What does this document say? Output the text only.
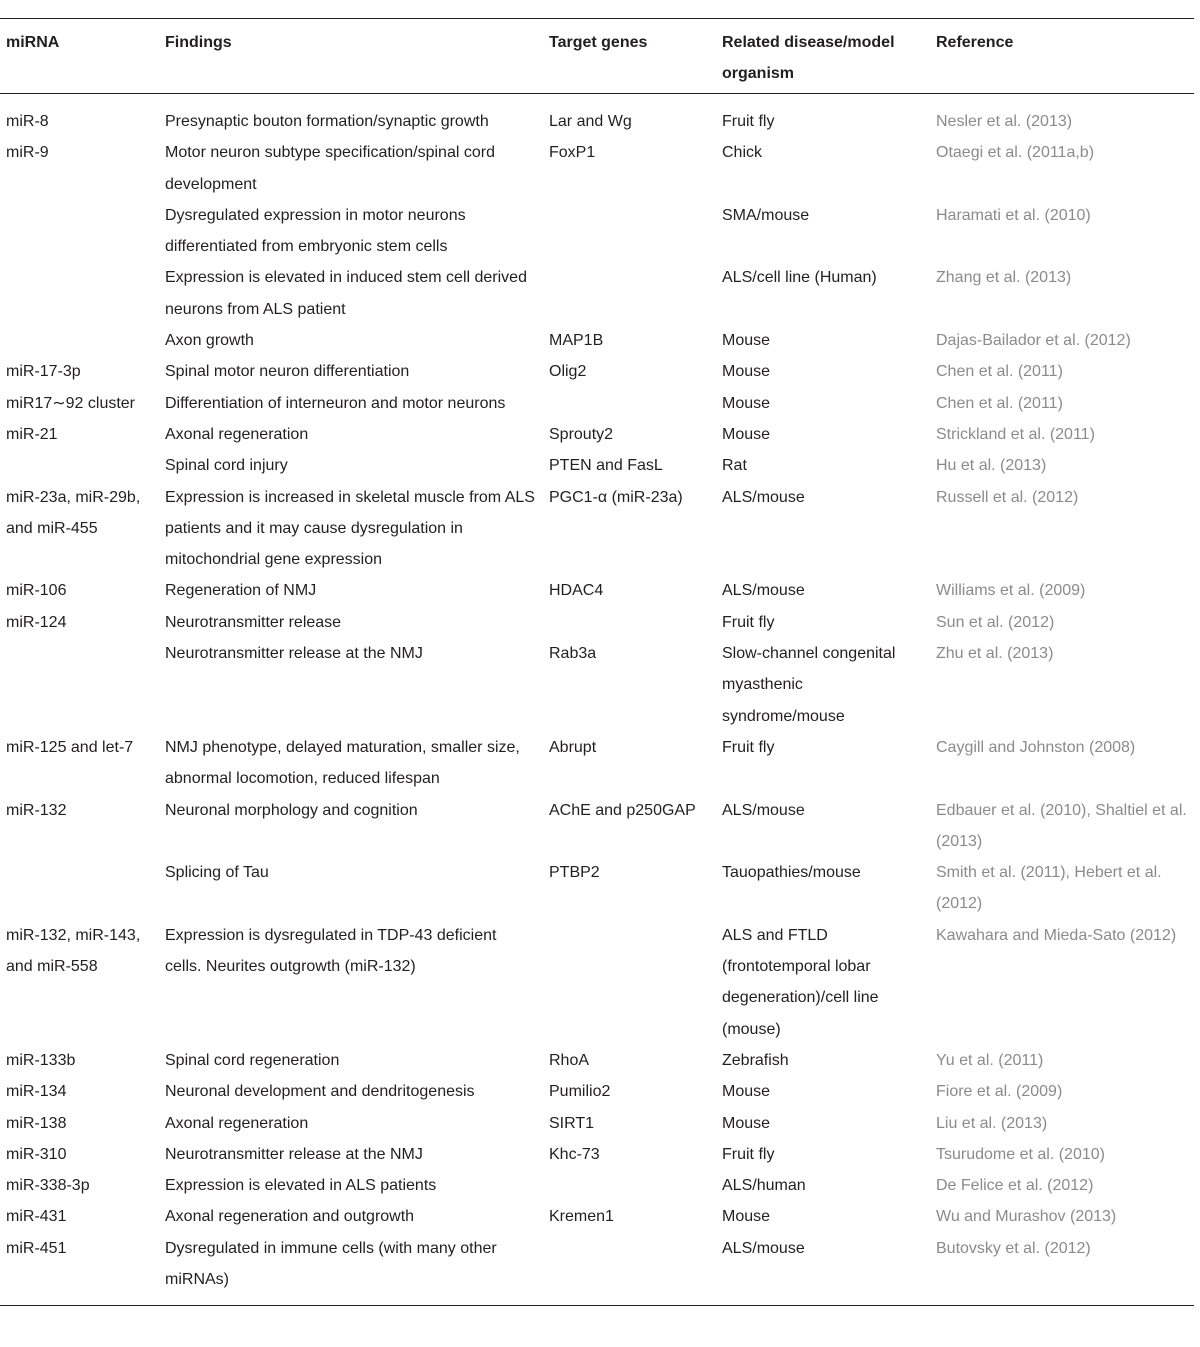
miRNA	Findings	Target genes	Related disease/model organism	Reference

miR-8	Presynaptic bouton formation/synaptic growth	Lar and Wg	Fruit fly	Nesler et al. (2013)
miR-9	Motor neuron subtype specification/spinal cord development	FoxP1	Chick	Otaegi et al. (2011a,b)
	Dysregulated expression in motor neurons differentiated from embryonic stem cells		SMA/mouse	Haramati et al. (2010)
	Expression is elevated in induced stem cell derived neurons from ALS patient		ALS/cell line (Human)	Zhang et al. (2013)
	Axon growth	MAP1B	Mouse	Dajas-Bailador et al. (2012)
miR-17-3p	Spinal motor neuron differentiation	Olig2	Mouse	Chen et al. (2011)
miR17∼92 cluster	Differentiation of interneuron and motor neurons		Mouse	Chen et al. (2011)
miR-21	Axonal regeneration	Sprouty2	Mouse	Strickland et al. (2011)
	Spinal cord injury	PTEN and FasL	Rat	Hu et al. (2013)
miR-23a, miR-29b, and miR-455	Expression is increased in skeletal muscle from ALS patients and it may cause dysregulation in mitochondrial gene expression	PGC1-α (miR-23a)	ALS/mouse	Russell et al. (2012)
miR-106	Regeneration of NMJ	HDAC4	ALS/mouse	Williams et al. (2009)
miR-124	Neurotransmitter release		Fruit fly	Sun et al. (2012)
	Neurotransmitter release at the NMJ	Rab3a	Slow-channel congenital myasthenic syndrome/mouse	Zhu et al. (2013)
miR-125 and let-7	NMJ phenotype, delayed maturation, smaller size, abnormal locomotion, reduced lifespan	Abrupt	Fruit fly	Caygill and Johnston (2008)
miR-132	Neuronal morphology and cognition	AChE and p250GAP	ALS/mouse	Edbauer et al. (2010), Shaltiel et al. (2013)
	Splicing of Tau	PTBP2	Tauopathies/mouse	Smith et al. (2011), Hebert et al. (2012)
miR-132, miR-143, and miR-558	Expression is dysregulated in TDP-43 deficient cells. Neurites outgrowth (miR-132)		ALS and FTLD (frontotemporal lobar degeneration)/cell line (mouse)	Kawahara and Mieda-Sato (2012)
miR-133b	Spinal cord regeneration	RhoA	Zebrafish	Yu et al. (2011)
miR-134	Neuronal development and dendritogenesis	Pumilio2	Mouse	Fiore et al. (2009)
miR-138	Axonal regeneration	SIRT1	Mouse	Liu et al. (2013)
miR-310	Neurotransmitter release at the NMJ	Khc-73	Fruit fly	Tsurudome et al. (2010)
miR-338-3p	Expression is elevated in ALS patients		ALS/human	De Felice et al. (2012)
miR-431	Axonal regeneration and outgrowth	Kremen1	Mouse	Wu and Murashov (2013)
miR-451	Dysregulated in immune cells (with many other miRNAs)		ALS/mouse	Butovsky et al. (2012)
